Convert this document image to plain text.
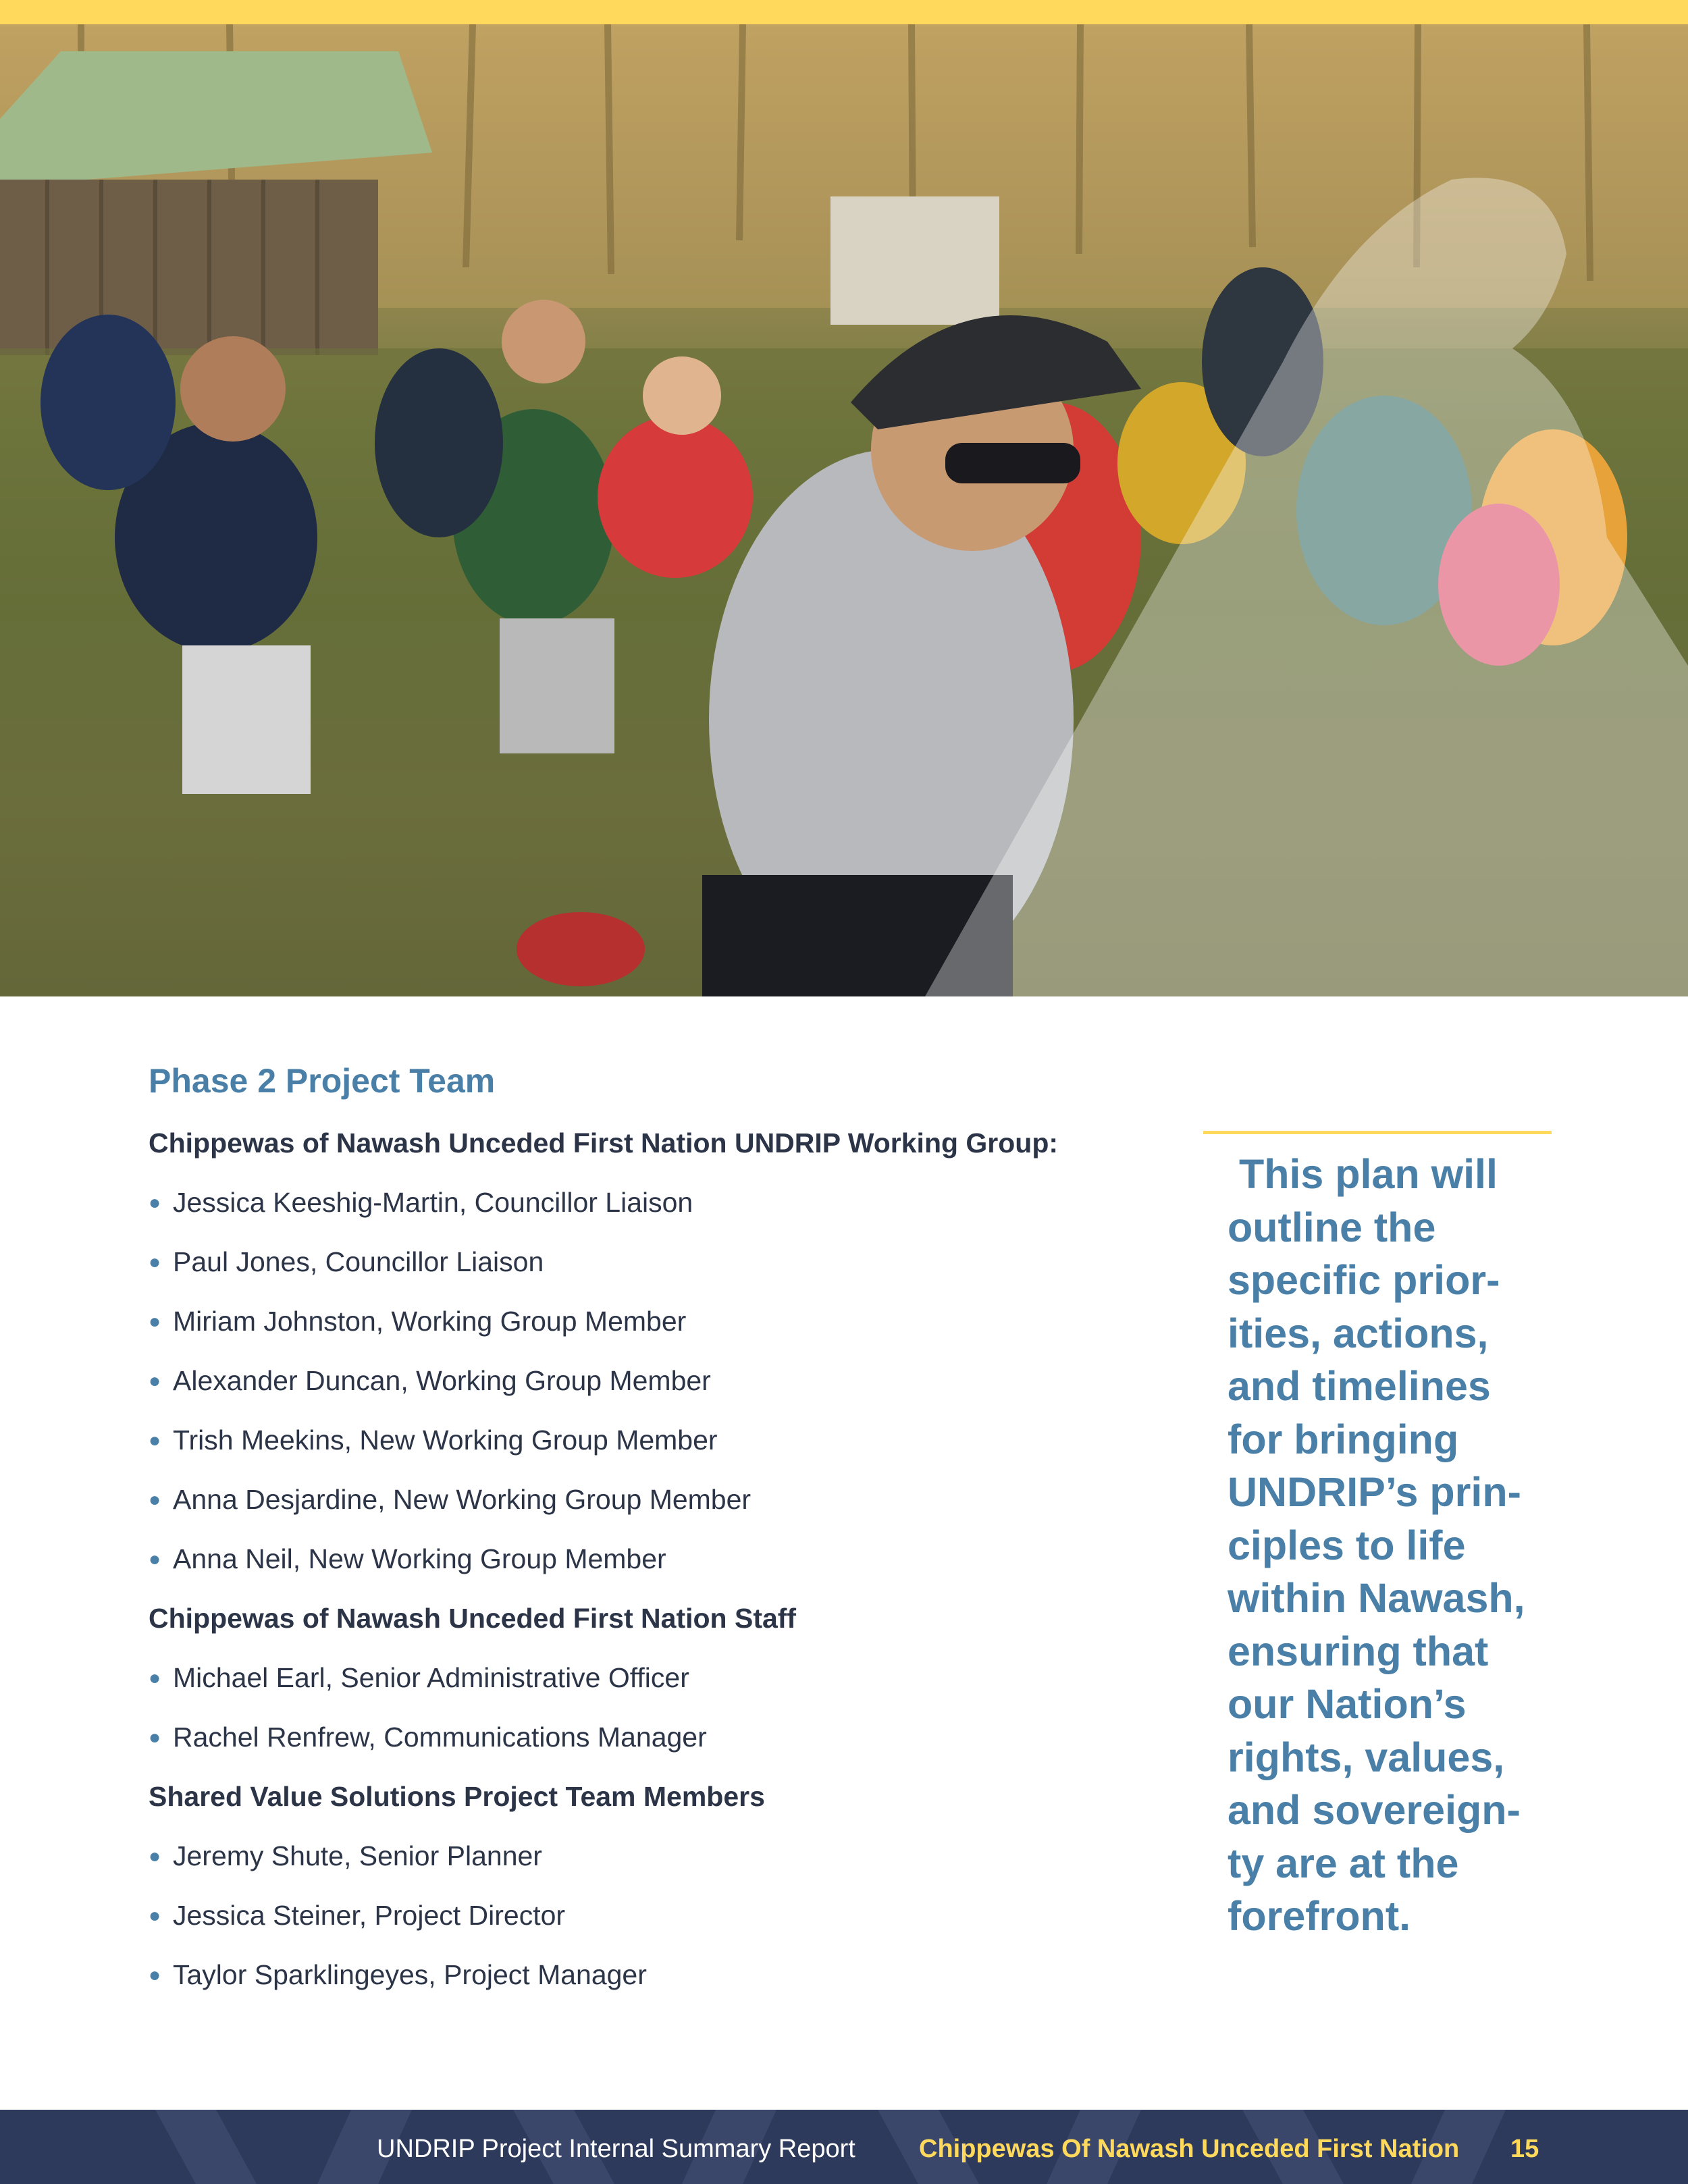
Phase 2 Project Team
Chippewas of Nawash Unceded First Nation UNDRIP Working Group:

● Jessica Keeshig-Martin, Councillor Liaison

● Paul Jones, Councillor Liaison

● Miriam Johnston, Working Group Member

● Alexander Duncan, Working Group Member

● Trish Meekins, New Working Group Member

● Anna Desjardine, New Working Group Member

● Anna Neil, New Working Group Member

Chippewas of Nawash Unceded First Nation Staff

● Michael Earl, Senior Administrative Officer

● Rachel Renfrew, Communications Manager

Shared Value Solutions Project Team Members

● Jeremy Shute, Senior Planner

● Jessica Steiner, Project Director

● Taylor Sparklingeyes, Project Manager

This plan will
outline the
specific prior-
ities, actions,
and timelines
for bringing
UNDRIP’s prin-
ciples to life
within Nawash,
ensuring that
our Nation’s
rights, values,
and sovereign-
ty are at the
forefront.
UNDRIP Project Internal Summary Report Chippewas Of Nawash Unceded First Nation 15
